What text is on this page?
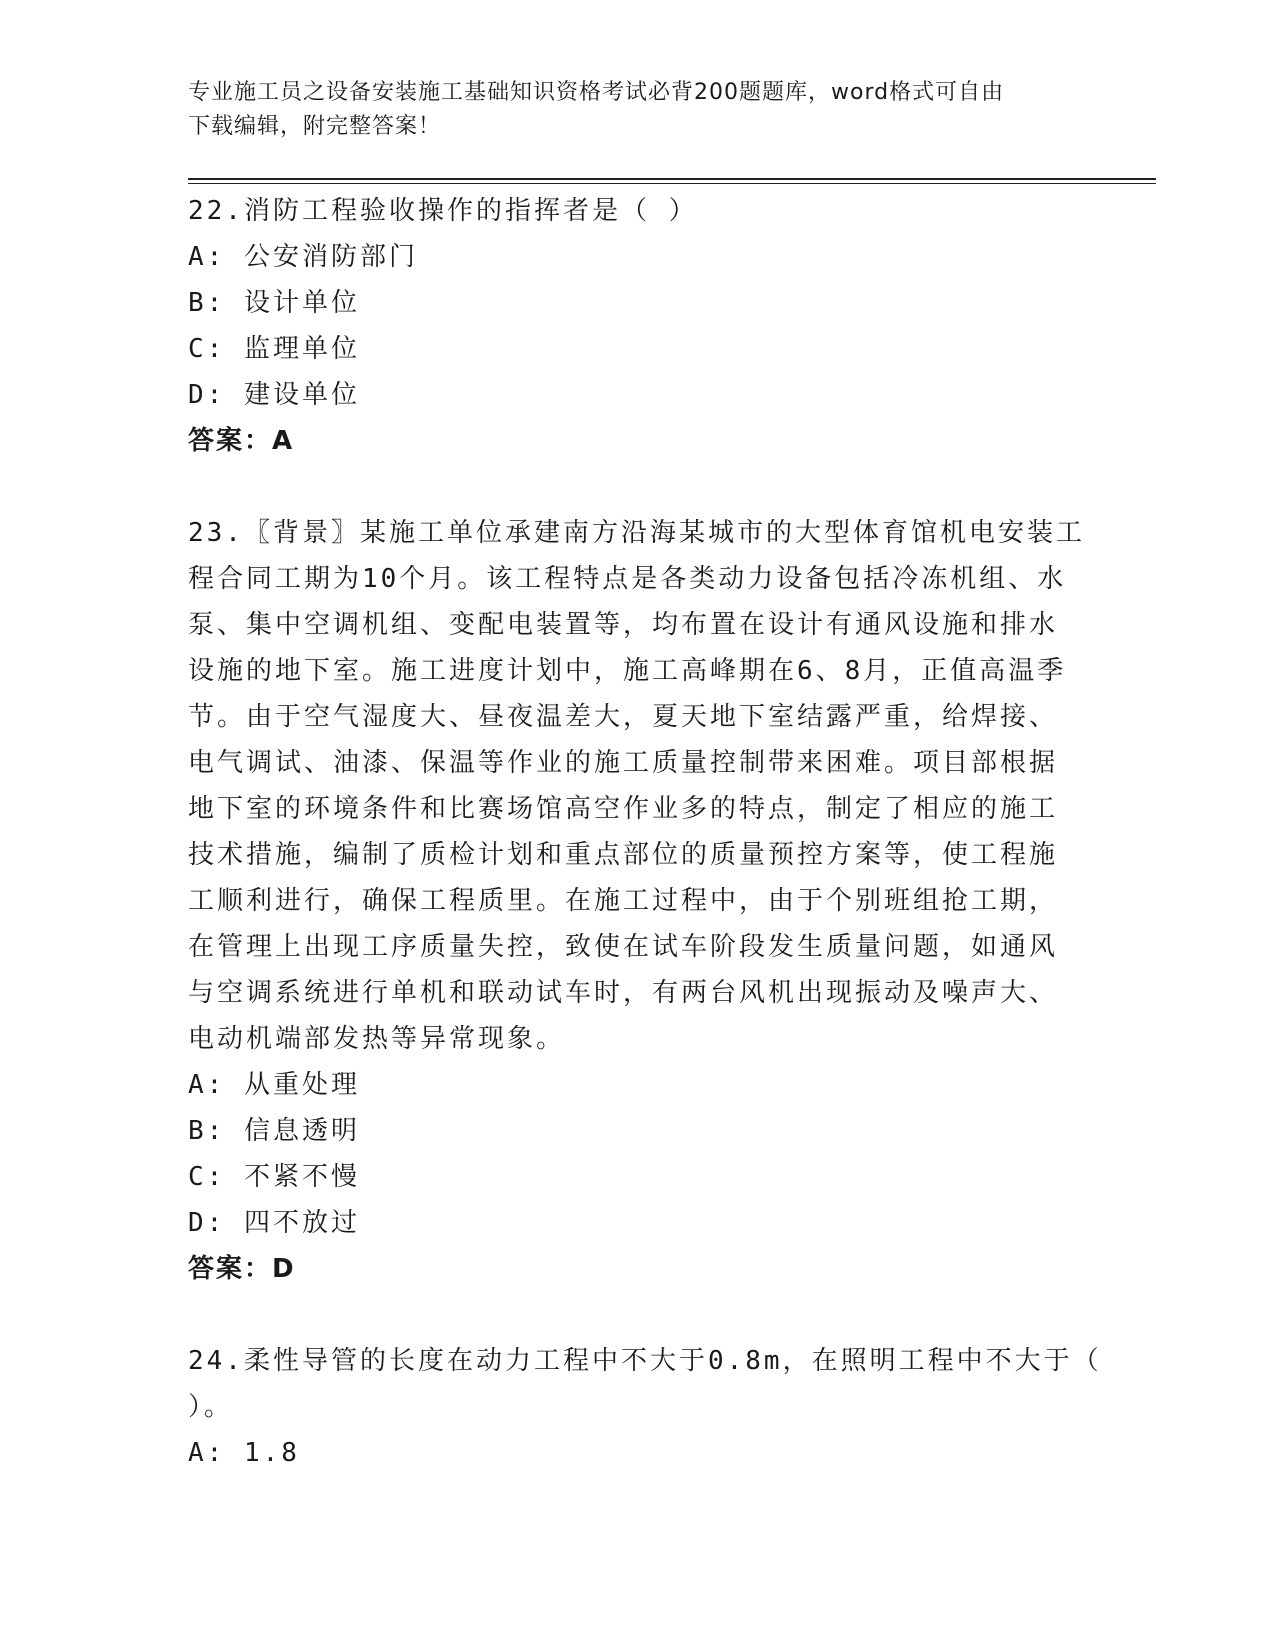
专业施工员之设备安装施工基础知识资格考试必背200题题库，word格式可自由
下载编辑，附完整答案！
22.消防工程验收操作的指挥者是（ ）
A: 公安消防部门
B: 设计单位
C: 监理单位
D: 建设单位
答案：A
23.〖背景〗某施工单位承建南方沿海某城市的大型体育馆机电安装工
程合同工期为10个月。该工程特点是各类动力设备包括冷冻机组、水
泵、集中空调机组、变配电装置等，均布置在设计有通风设施和排水
设施的地下室。施工进度计划中，施工高峰期在6、8月，正值高温季
节。由于空气湿度大、昼夜温差大，夏天地下室结露严重，给焊接、
电气调试、油漆、保温等作业的施工质量控制带来困难。项目部根据
地下室的环境条件和比赛场馆高空作业多的特点，制定了相应的施工
技术措施，编制了质检计划和重点部位的质量预控方案等，使工程施
工顺利进行，确保工程质里。在施工过程中，由于个别班组抢工期，
在管理上出现工序质量失控，致使在试车阶段发生质量问题，如通风
与空调系统进行单机和联动试车时，有两台风机出现振动及噪声大、
电动机端部发热等异常现象。
A: 从重处理
B: 信息透明
C: 不紧不慢
D: 四不放过
答案：D
24.柔性导管的长度在动力工程中不大于0.8m，在照明工程中不大于（
）。
A: 1.8
